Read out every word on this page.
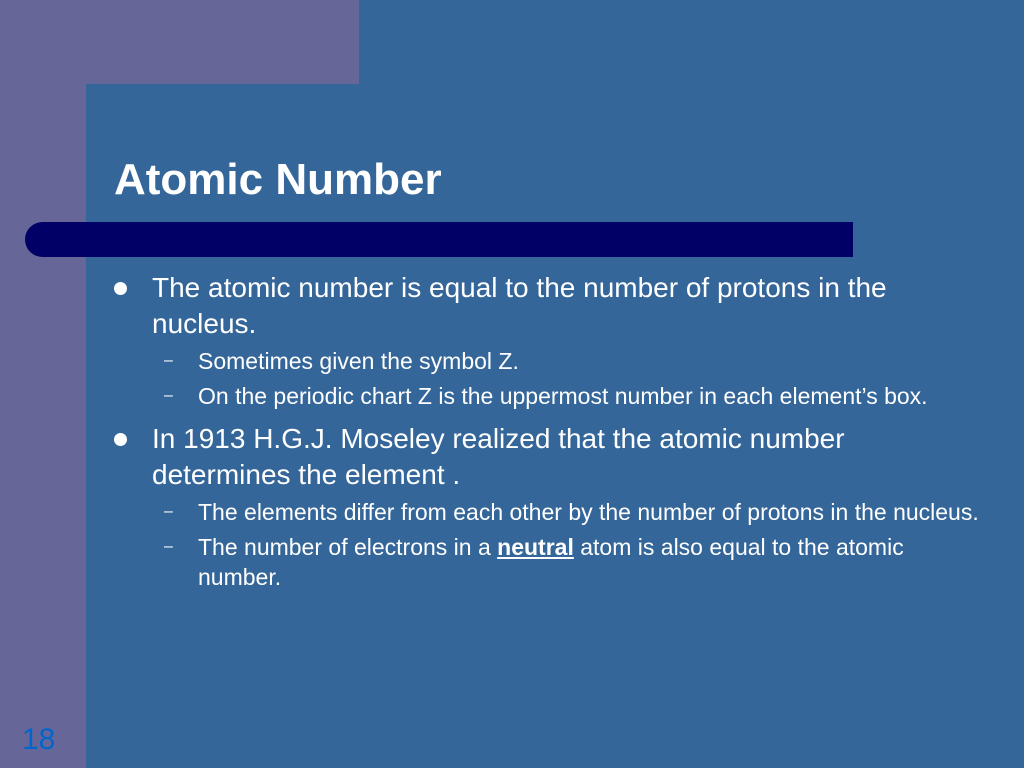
Atomic Number
The atomic number is equal to the number of protons in the nucleus.
– Sometimes given the symbol Z.
– On the periodic chart Z is the uppermost number in each element’s box.
In 1913 H.G.J. Moseley realized that the atomic number determines the element .
– The elements differ from each other by the number of protons in the nucleus.
– The number of electrons in a neutral atom is also equal to the atomic number.
18
